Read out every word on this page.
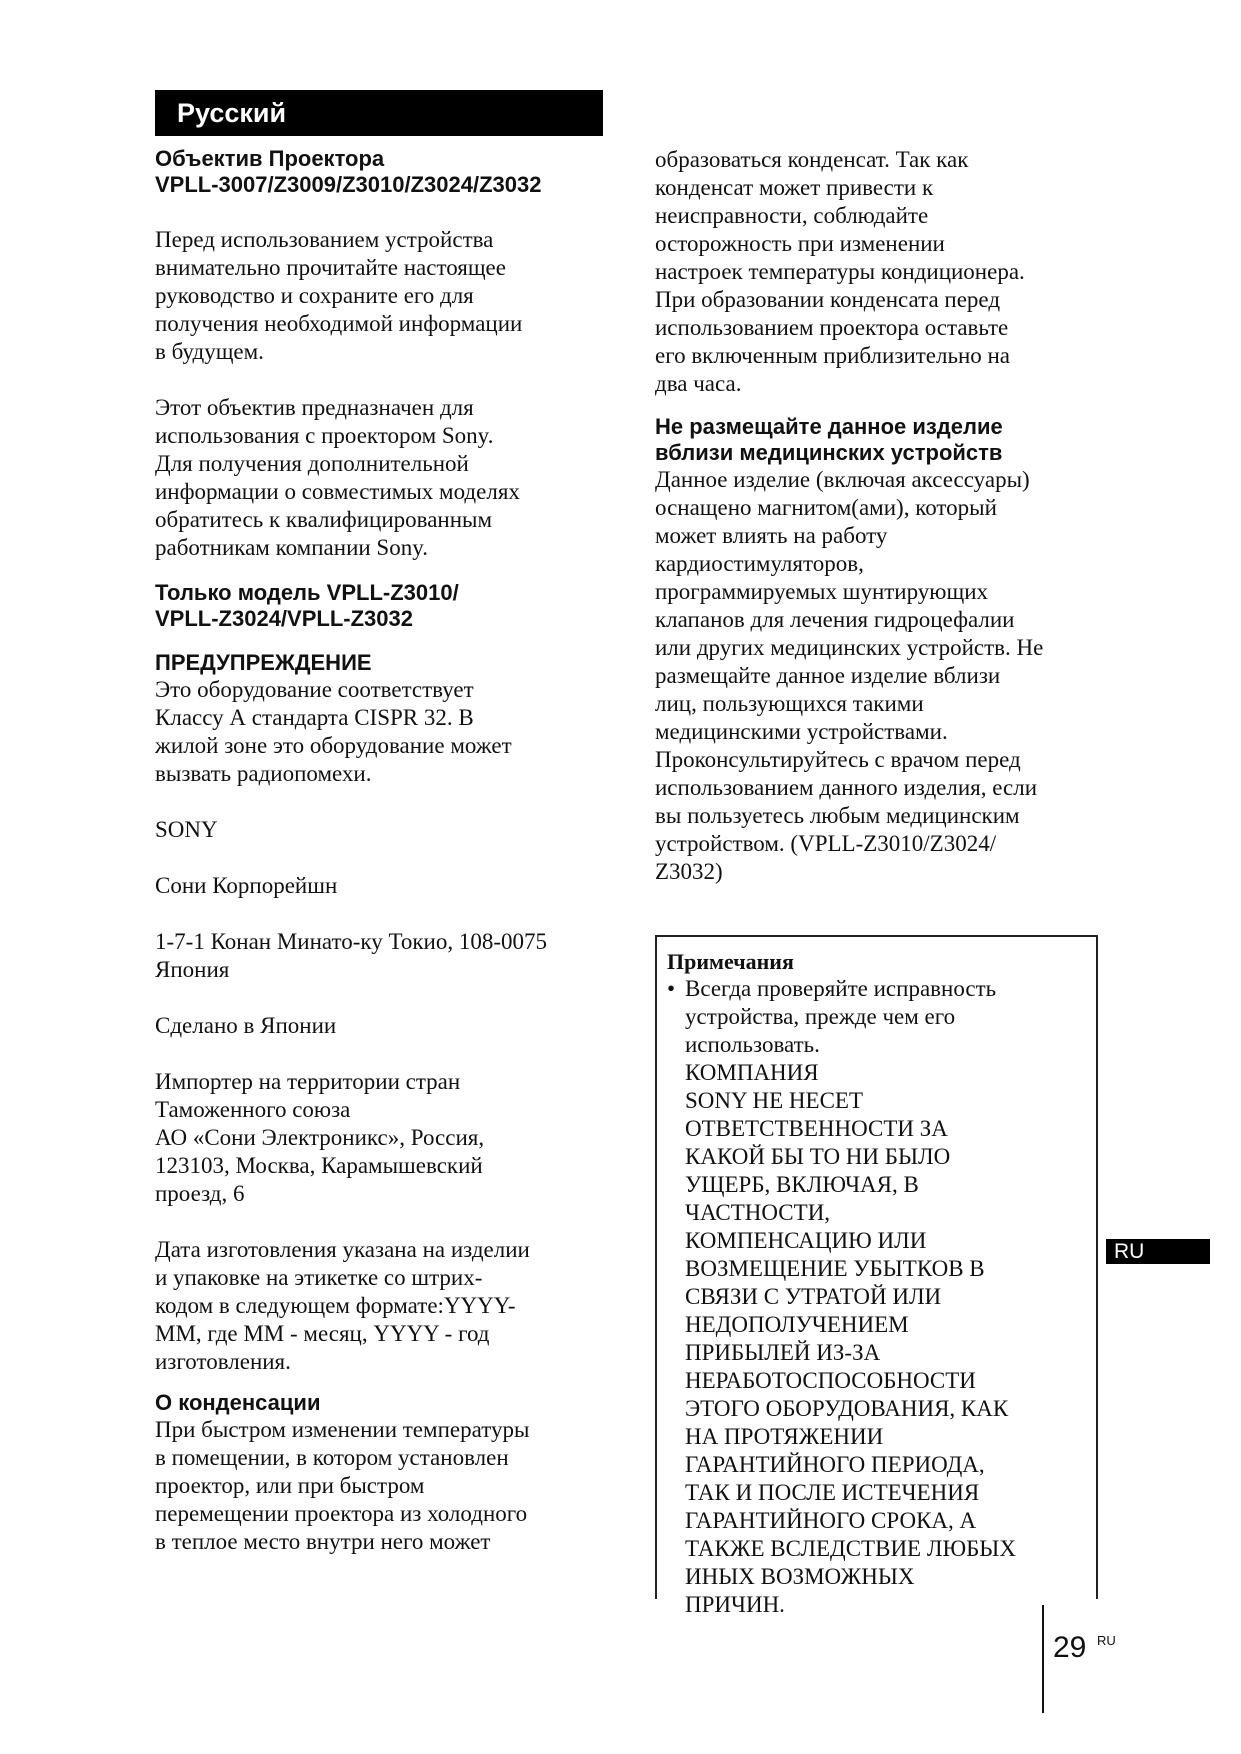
Русский

Объектив Проектора
VPLL-3007/Z3009/Z3010/Z3024/Z3032

Перед использованием устройства
внимательно прочитайте настоящее
руководство и сохраните его для
получения необходимой информации
в будущем.

Этот объектив предназначен для
использования с проектором Sony.
Для получения дополнительной
информации о совместимых моделях
обратитесь к квалифицированным
работникам компании Sony.

Только модель VPLL-Z3010/
VPLL-Z3024/VPLL-Z3032

ПРЕДУПРЕЖДЕНИЕ

Это оборудование соответствует
Классу А стандарта CISPR 32. В
жилой зоне это оборудование может
вызвать радиопомехи.

SONY

Сони Корпорейшн

1-7-1 Конан Минато-ку Токио, 108-0075
Япония

Сделано в Японии

Импортер на территории стран
Таможенного союза
АО «Сони Электроникс», Россия,
123103, Москва, Карамышевский
проезд, 6

Дата изготовления указана на изделии
и упаковке на этикетке со штрих-
кодом в следующем формате:YYYY-
MM, где MM - месяц, YYYY - год
изготовления.

О конденсации

При быстром изменении температуры
в помещении, в котором установлен
проектор, или при быстром
перемещении проектора из холодного
в теплое место внутри него может

образоваться конденсат. Так как
конденсат может привести к
неисправности, соблюдайте
осторожность при изменении
настроек температуры кондиционера.
При образовании конденсата перед
использованием проектора оставьте
его включенным приблизительно на
два часа.

Не размещайте данное изделие
вблизи медицинских устройств

Данное изделие (включая аксессуары)
оснащено магнитом(ами), который
может влиять на работу
кардиостимуляторов,
программируемых шунтирующих
клапанов для лечения гидроцефалии
или других медицинских устройств. Не
размещайте данное изделие вблизи
лиц, пользующихся такими
медицинскими устройствами.
Проконсультируйтесь с врачом перед
использованием данного изделия, если
вы пользуетесь любым медицинским
устройством. (VPLL-Z3010/Z3024/
Z3032)

Примечания

• Всегда проверяйте исправность
устройства, прежде чем его
использовать.

КОМПАНИЯ
SONY НЕ НЕСЕТ
ОТВЕТСТВЕННОСТИ ЗА
КАКОЙ БЫ ТО НИ БЫЛО
УЩЕРБ, ВКЛЮЧАЯ, В
ЧАСТНОСТИ,
КОМПЕНСАЦИЮ ИЛИ
ВОЗМЕЩЕНИЕ УБЫТКОВ В
СВЯЗИ С УТРАТОЙ ИЛИ
НЕДОПОЛУЧЕНИЕМ
ПРИБЫЛЕЙ ИЗ-ЗА
НЕРАБОТОСПОСОБНОСТИ
ЭТОГО ОБОРУДОВАНИЯ, КАК
НА ПРОТЯЖЕНИИ
ГАРАНТИЙНОГО ПЕРИОДА,
ТАК И ПОСЛЕ ИСТЕЧЕНИЯ
ГАРАНТИЙНОГО СРОКА, А
ТАКЖЕ ВСЛЕДСТВИЕ ЛЮБЫХ
ИНЫХ ВОЗМОЖНЫХ
ПРИЧИН.

RU
29 RU
